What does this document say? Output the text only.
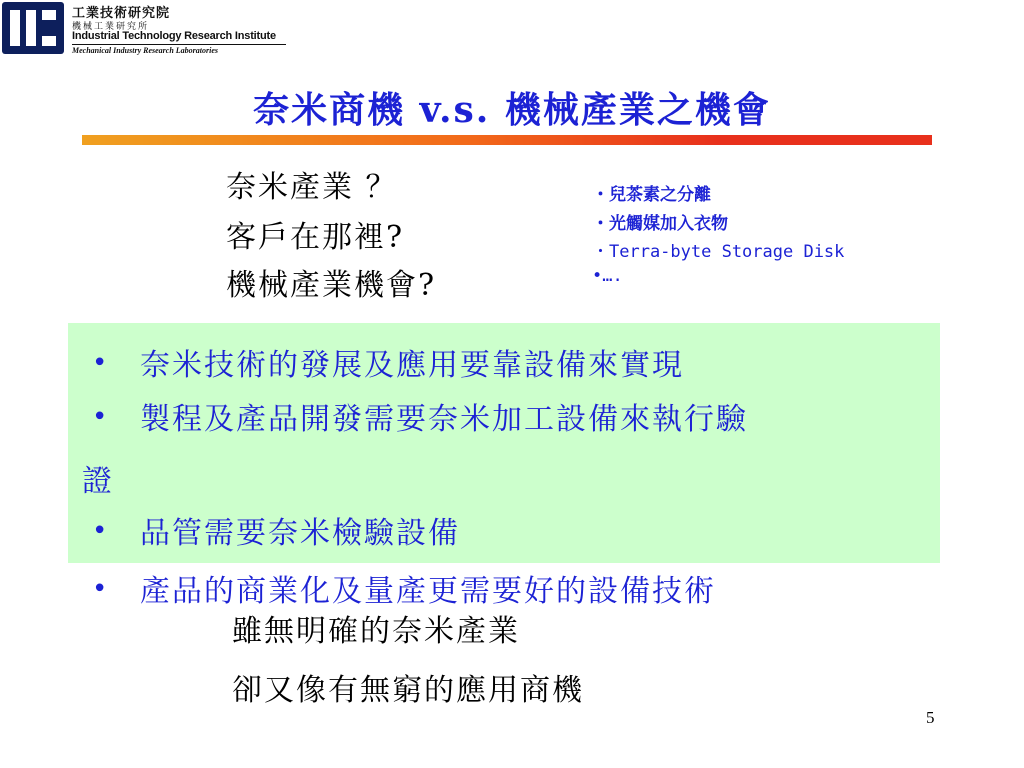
工業技術研究院
機械工業研究所
Industrial Technology Research Institute
Mechanical Industry Research Laboratories
奈米商機 v.s. 機械產業之機會
奈米產業 ？
客戶在那裡?
機械產業機會?
・兒茶素之分離
・光觸媒加入衣物
・Terra-byte Storage Disk
•….
• 奈米技術的發展及應用要靠設備來實現
• 製程及產品開發需要奈米加工設備來執行驗
證
• 品管需要奈米檢驗設備
• 產品的商業化及量產更需要好的設備技術
雖無明確的奈米產業
卻又像有無窮的應用商機
5
